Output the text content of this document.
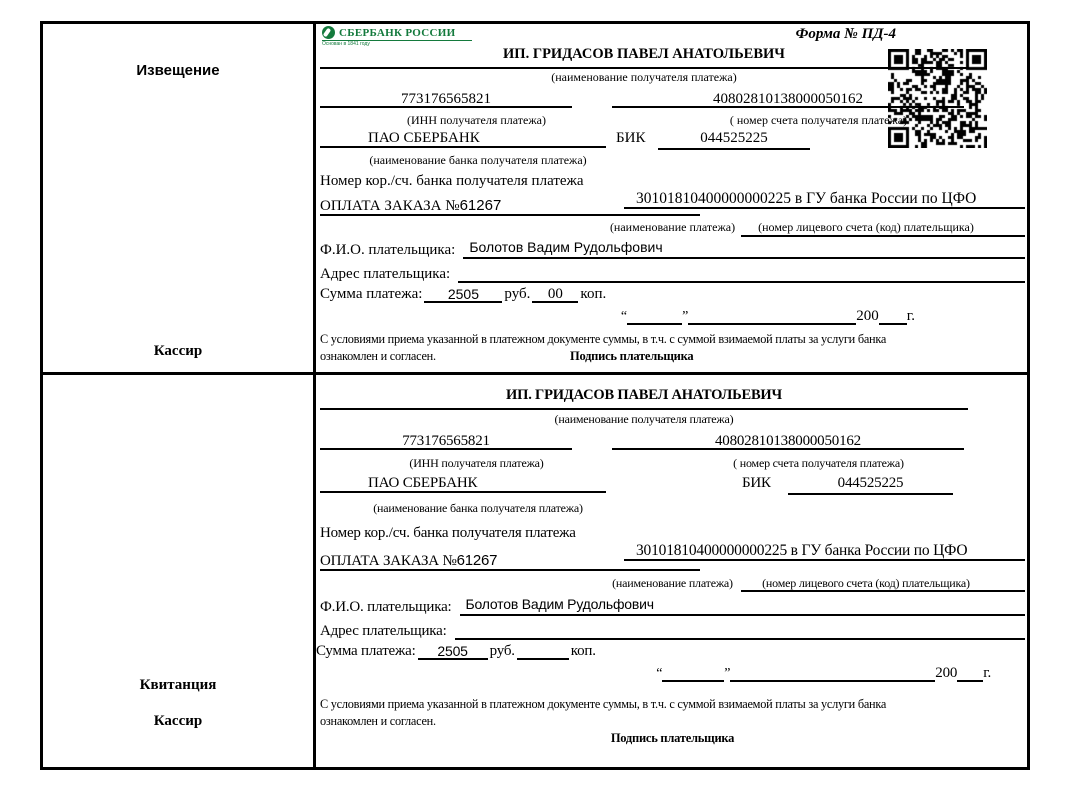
Извещение
Кассир
СБЕРБАНК РОССИИ
Основан в 1841 году
Форма № ПД-4
ИП. ГРИДАСОВ ПАВЕЛ АНАТОЛЬЕВИЧ
(наименование получателя платежа)
773176565821	40802810138000050162
(ИНН получателя платежа)	( номер счета получателя платежа)
ПАО СБЕРБАНК	БИК	044525225
(наименование банка получателя платежа)
Номер кор./сч. банка получателя платежа
30101810400000000225 в ГУ банка России по ЦФО
ОПЛАТА ЗАКАЗА №61267
(наименование платежа)	(номер лицевого счета (код) плательщика)
Ф.И.О. плательщика:	Болотов Вадим Рудольфович
Адрес плательщика:
Сумма платежа: 2505 руб. 00 коп.
“	”	200 г.
С условиями приема указанной в платежном документе суммы, в т.ч. с суммой взимаемой платы за услуги банка
ознакомлен и согласен.	Подпись плательщика
Квитанция
Кассир
ИП. ГРИДАСОВ ПАВЕЛ АНАТОЛЬЕВИЧ
(наименование получателя платежа)
773176565821	40802810138000050162
(ИНН получателя платежа)	( номер счета получателя платежа)
ПАО СБЕРБАНК	БИК	044525225
(наименование банка получателя платежа)
Номер кор./сч. банка получателя платежа
30101810400000000225 в ГУ банка России по ЦФО
ОПЛАТА ЗАКАЗА №61267
(наименование платежа)	(номер лицевого счета (код) плательщика)
Ф.И.О. плательщика:	Болотов Вадим Рудольфович
Адрес плательщика:
Сумма платежа: 2505 руб.	коп.
“	”	200 г.
С условиями приема указанной в платежном документе суммы, в т.ч. с суммой взимаемой платы за услуги банка
ознакомлен и согласен.
Подпись плательщика
